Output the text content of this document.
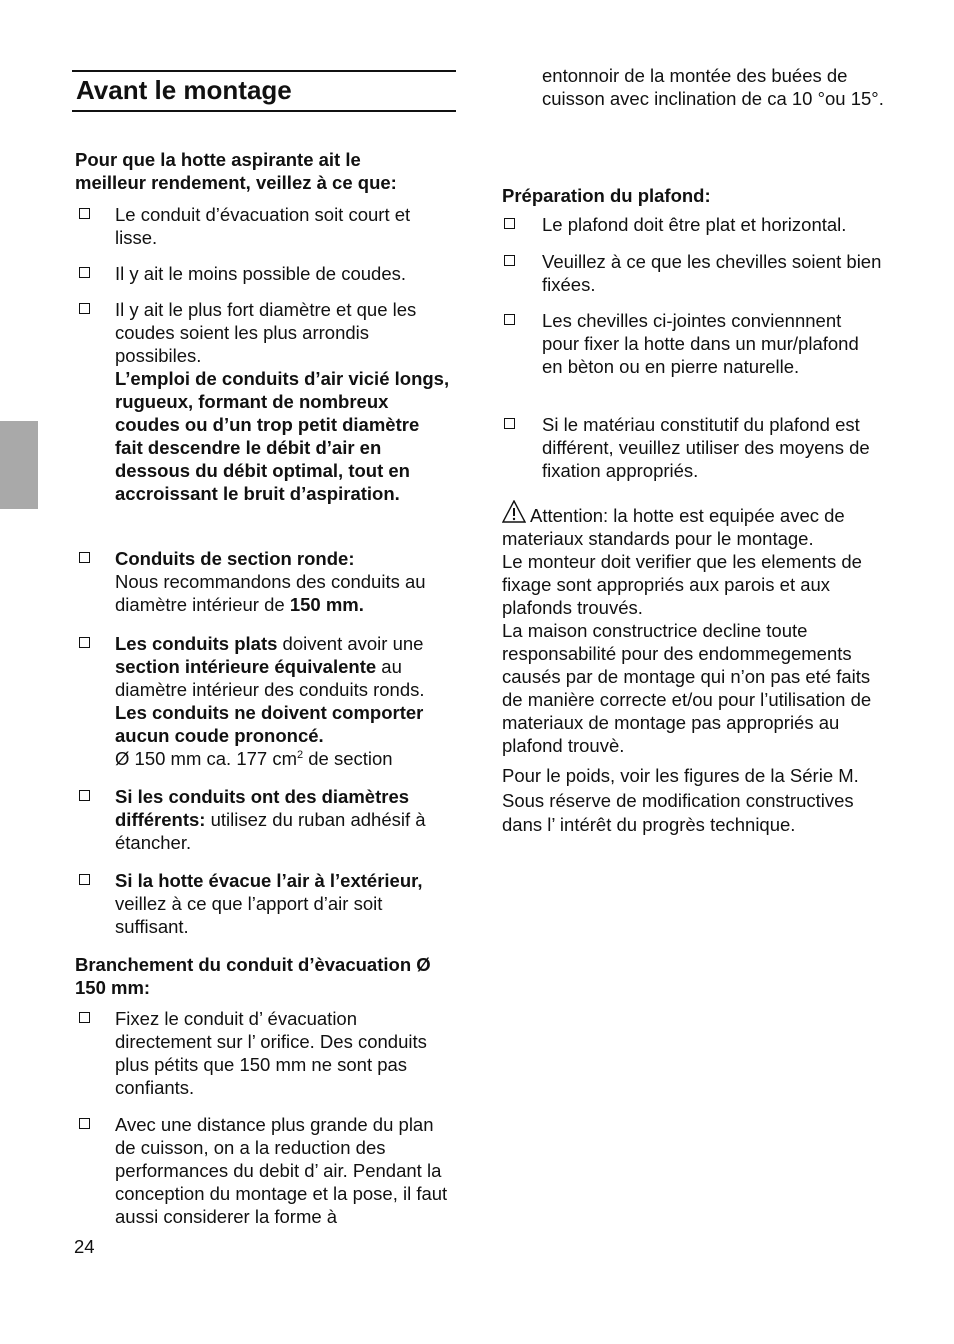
Avant le montage

Pour que la hotte aspirante ait le meilleur rendement, veillez à ce que:

Le conduit d’évacuation soit court et lisse.
Il y ait le moins possible de coudes.
Il y ait le plus fort diamètre et que les coudes soient les plus arrondis possibiles.
L’emploi de conduits d’air vicié longs, rugueux, formant de nombreux coudes ou d’un trop petit diamètre fait descendre le débit d’air en dessous du débit optimal, tout en accroissant le bruit d’aspiration.
Conduits de section ronde:
Nous recommandons des conduits au diamètre intérieur de 150 mm.
Les conduits plats doivent avoir une section intérieure équivalente au diamètre intérieur des conduits ronds.
Les conduits ne doivent comporter aucun coude prononcé.
Ø 150 mm ca. 177 $cm^2$ de section
Si les conduits ont des diamètres différents: utilisez du ruban adhésif à étancher.
Si la hotte évacue l’air à l’extérieur,
veillez à ce que l’apport d’air soit suffisant.

Branchement du conduit d’èvacuation Ø 150 mm:

Fixez le conduit d’ évacuation directement sur l’ orifice. Des conduits plus pétits que 150 mm ne sont pas confiants.
Avec une distance plus grande du plan de cuisson, on a la reduction des performances du debit d’ air. Pendant la conception du montage et la pose, il faut aussi considerer la forme à

entonnoir de la montée des buées de cuisson avec inclination de ca 10 °ou 15°.

Préparation du plafond:

Le plafond doit être plat et horizontal.
Veuillez à ce que les chevilles soient bien fixées.
Les chevilles ci-jointes conviennnent pour fixer la hotte dans un mur/plafond en bèton ou en pierre naturelle.
Si le matériau constitutif du plafond est différent, veuillez utiliser des moyens de fixation appropriés.
Attention: la hotte est equipée avec de materiaux standards pour le montage.
Le monteur doit verifier que les elements de fixage sont appropriés aux parois et aux plafonds trouvés.
La maison constructrice decline toute responsabilité pour des endommegements causés par de montage qui n’on pas eté faits de manière correcte et/ou pour l’utilisation de materiaux de montage pas appropriés au plafond trouvè.

Pour le poids, voir les figures de la Série M. Sous réserve de modification constructives dans l’ intérêt du progrès technique.

24
